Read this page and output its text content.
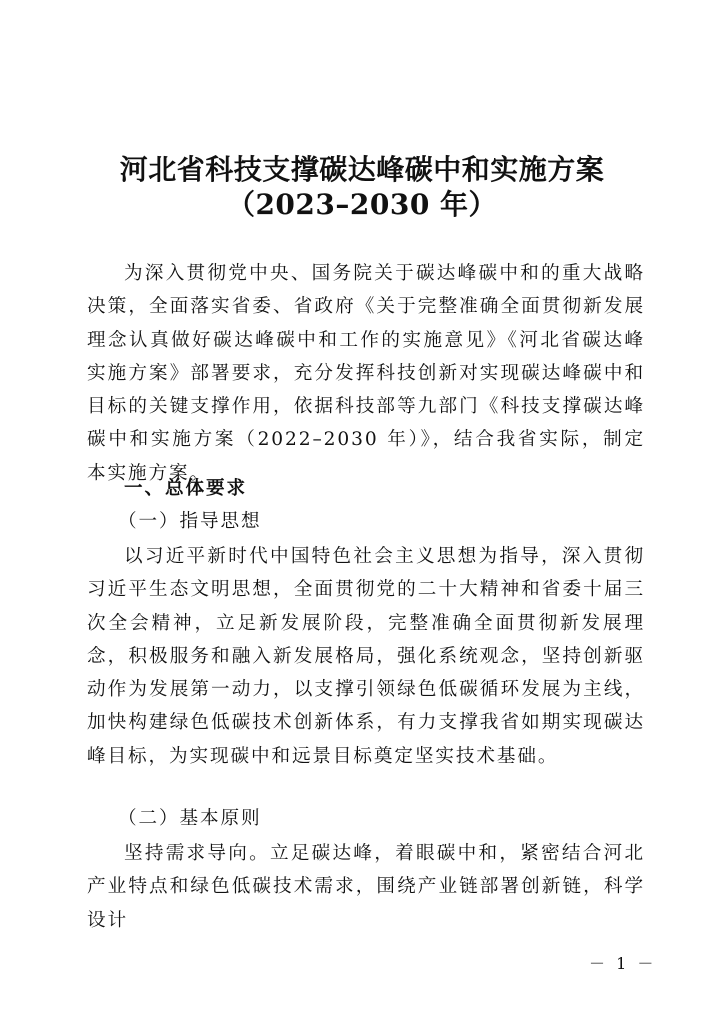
河北省科技支撑碳达峰碳中和实施方案
（2023–2030 年）

为深入贯彻党中央、国务院关于碳达峰碳中和的重大战略决策，全面落实省委、省政府《关于完整准确全面贯彻新发展理念认真做好碳达峰碳中和工作的实施意见》《河北省碳达峰实施方案》部署要求，充分发挥科技创新对实现碳达峰碳中和目标的关键支撑作用，依据科技部等九部门《科技支撑碳达峰碳中和实施方案（2022–2030 年）》，结合我省实际，制定本实施方案。

一、总体要求

（一）指导思想

以习近平新时代中国特色社会主义思想为指导，深入贯彻习近平生态文明思想，全面贯彻党的二十大精神和省委十届三次全会精神，立足新发展阶段，完整准确全面贯彻新发展理念，积极服务和融入新发展格局，强化系统观念，坚持创新驱动作为发展第一动力，以支撑引领绿色低碳循环发展为主线，加快构建绿色低碳技术创新体系，有力支撑我省如期实现碳达峰目标，为实现碳中和远景目标奠定坚实技术基础。

（二）基本原则

坚持需求导向。立足碳达峰，着眼碳中和，紧密结合河北产业特点和绿色低碳技术需求，围绕产业链部署创新链，科学设计

－ 1 －
